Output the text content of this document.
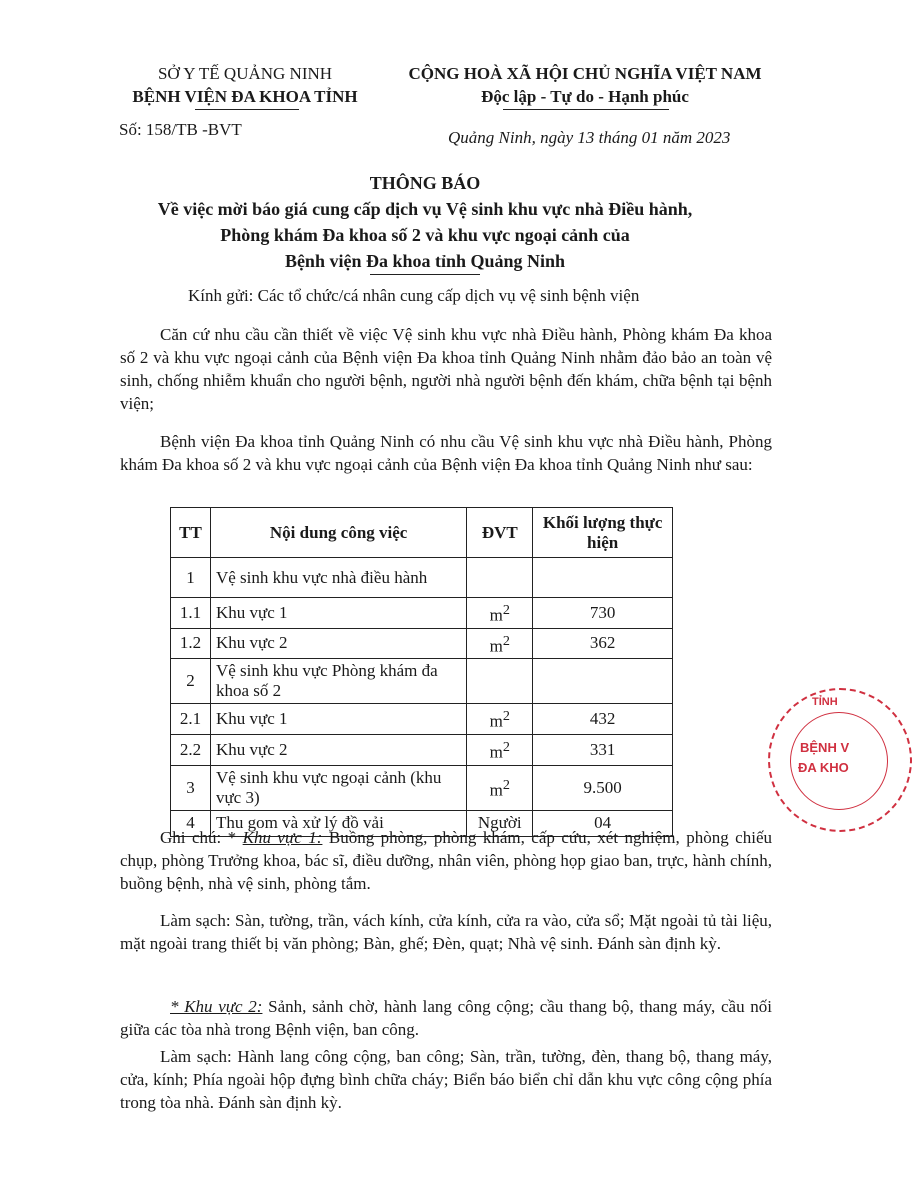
SỞ Y TẾ QUẢNG NINH
BỆNH VIỆN ĐA KHOA TỈNH
Số: 158/TB -BVT
CỘNG HOÀ XÃ HỘI CHỦ NGHĨA VIỆT NAM
Độc lập - Tự do - Hạnh phúc
Quảng Ninh, ngày 13 tháng 01 năm 2023
THÔNG BÁO
Về việc mời báo giá cung cấp dịch vụ Vệ sinh khu vực nhà Điều hành,
Phòng khám Đa khoa số 2 và khu vực ngoại cảnh của
Bệnh viện Đa khoa tỉnh Quảng Ninh
Kính gửi: Các tổ chức/cá nhân cung cấp dịch vụ vệ sinh bệnh viện
Căn cứ nhu cầu cần thiết về việc Vệ sinh khu vực nhà Điều hành, Phòng khám Đa khoa số 2 và khu vực ngoại cảnh của Bệnh viện Đa khoa tỉnh Quảng Ninh nhằm đảo bảo an toàn vệ sinh, chống nhiễm khuẩn cho người bệnh, người nhà người bệnh đến khám, chữa bệnh tại bệnh viện;
Bệnh viện Đa khoa tỉnh Quảng Ninh có nhu cầu Vệ sinh khu vực nhà Điều hành, Phòng khám Đa khoa số 2 và khu vực ngoại cảnh của Bệnh viện Đa khoa tỉnh Quảng Ninh như sau:
TT	Nội dung công việc	ĐVT	Khối lượng thực hiện
1	Vệ sinh khu vực nhà điều hành		
1.1	Khu vực 1	$m^2$	730
1.2	Khu vực 2	$m^2$	362
2	Vệ sinh khu vực Phòng khám đa khoa số 2		
2.1	Khu vực 1	$m^2$	432
2.2	Khu vực 2	$m^2$	331
3	Vệ sinh khu vực ngoại cảnh (khu vực 3)	$m^2$	9.500
4	Thu gom và xử lý đồ vải	Người	04
Ghi chú: * Khu vực 1: Buồng phòng, phòng khám, cấp cứu, xét nghiệm, phòng chiếu chụp, phòng Trưởng khoa, bác sĩ, điều dưỡng, nhân viên, phòng họp giao ban, trực, hành chính, buồng bệnh, nhà vệ sinh, phòng tắm.
Làm sạch: Sàn, tường, trần, vách kính, cửa kính, cửa ra vào, cửa sổ; Mặt ngoài tủ tài liệu, mặt ngoài trang thiết bị văn phòng; Bàn, ghế; Đèn, quạt; Nhà vệ sinh. Đánh sàn định kỳ.
* Khu vực 2: Sảnh, sảnh chờ, hành lang công cộng; cầu thang bộ, thang máy, cầu nối giữa các tòa nhà trong Bệnh viện, ban công.
Làm sạch: Hành lang công cộng, ban công; Sàn, trần, tường, đèn, thang bộ, thang máy, cửa, kính; Phía ngoài hộp đựng bình chữa cháy; Biển báo biển chỉ dẫn khu vực công cộng phía trong tòa nhà. Đánh sàn định kỳ.
TỈNH
BỆNH V
ĐA KHO
